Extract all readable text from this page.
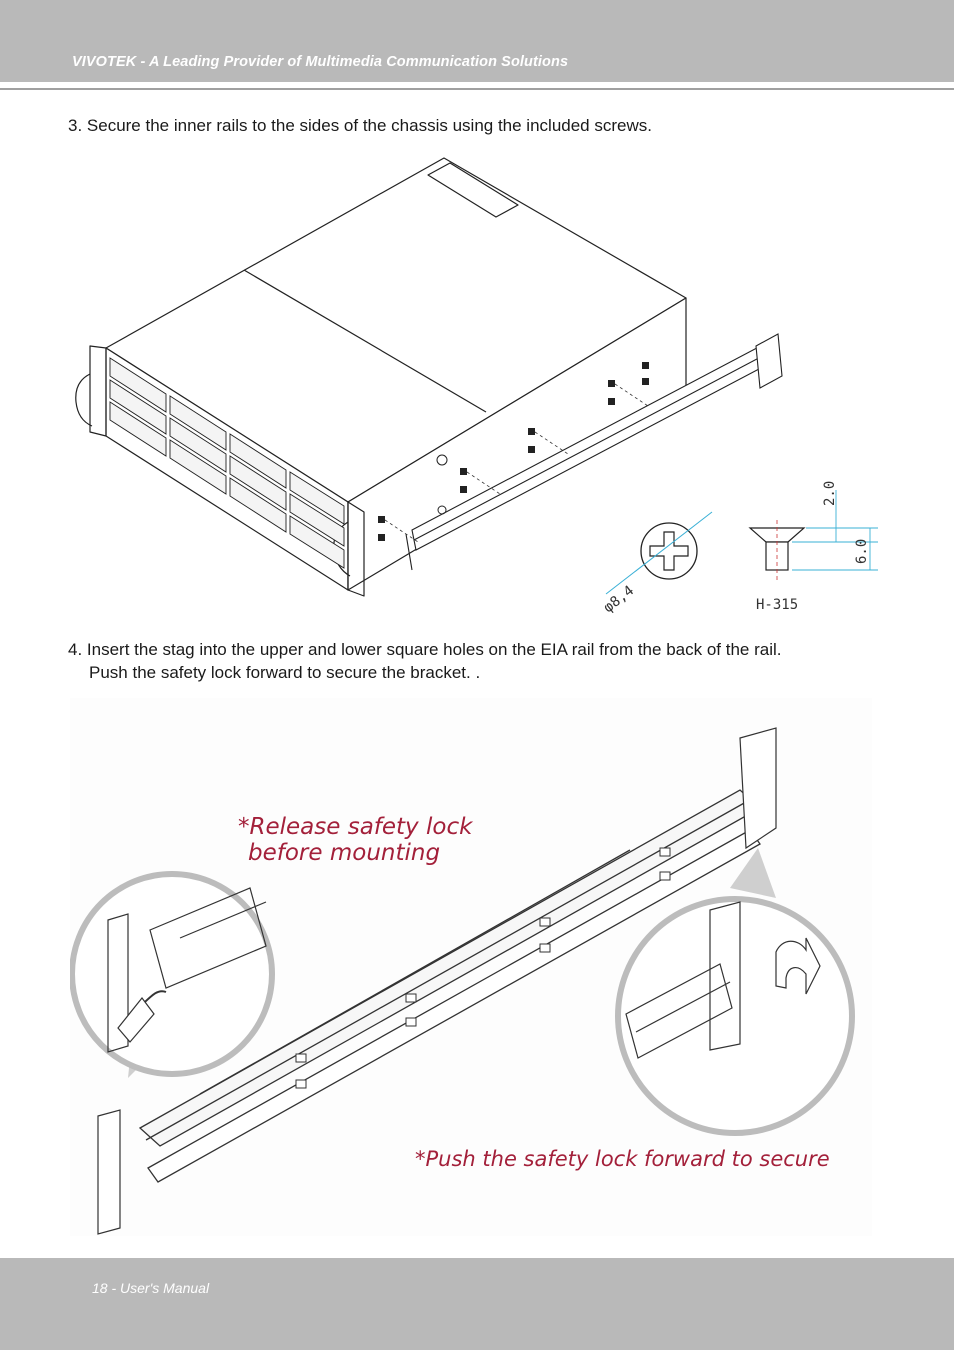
VIVOTEK - A Leading Provider of Multimedia Communication Solutions
3. Secure the inner rails to the sides of the chassis using the included screws.
φ8,4
2.0
6.0
H-315
4. Insert the stag into the upper and lower square holes on the EIA rail from the back of the rail.
Push the safety lock forward to secure the bracket. .
*Release safety lock
before mounting
*Push the safety lock forward to secure
18 - User's Manual
